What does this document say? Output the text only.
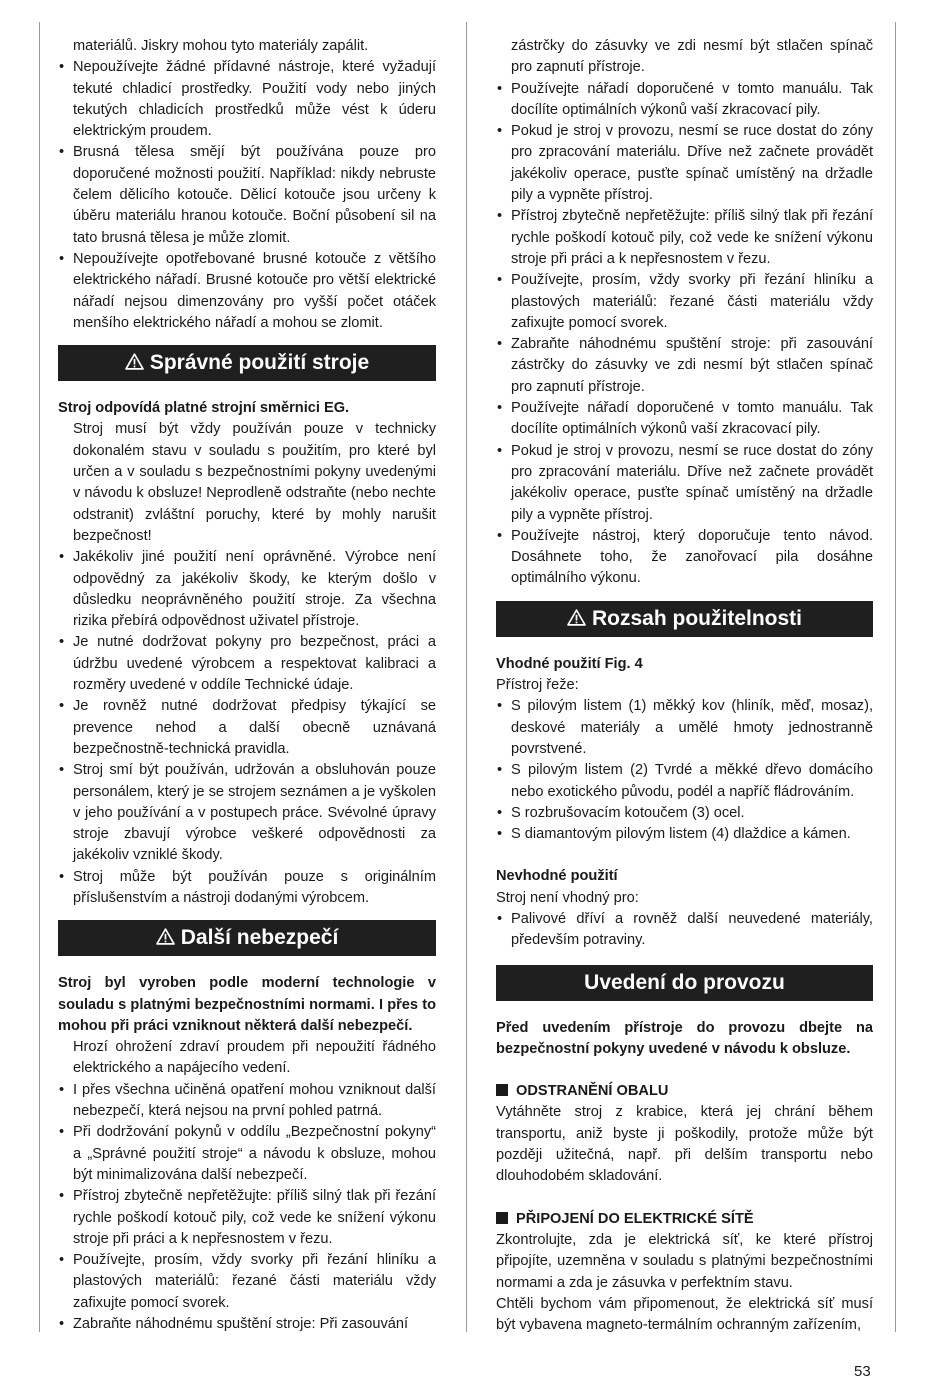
materiálů. Jiskry mohou tyto materiály zapálit.
• Nepoužívejte žádné přídavné nástroje, které vyžadují tekuté chladicí prostředky. Použití vody nebo jiných tekutých chladicích prostředků může vést k úderu elektrickým proudem.
• Brusná tělesa smějí být používána pouze pro doporučené možnosti použití. Například: nikdy nebruste čelem dělicího kotouče. Dělicí kotouče jsou určeny k úběru materiálu hranou kotouče. Boční působení sil na tato brusná tělesa je může zlomit.
• Nepoužívejte opotřebované brusné kotouče z většího elektrického nářadí. Brusné kotouče pro větší elektrické nářadí nejsou dimenzovány pro vyšší počet otáček menšího elektrického nářadí a mohou se zlomit.
Správné použití stroje

Stroj odpovídá platné strojní směrnici EG.

Stroj musí být vždy používán pouze v technicky dokonalém stavu v souladu s použitím, pro které byl určen a v souladu s bezpečnostními pokyny uvedenými v návodu k obsluze! Neprodleně odstraňte (nebo nechte odstranit) zvláštní poruchy, které by mohly narušit bezpečnost!
• Jakékoliv jiné použití není oprávněné. Výrobce není odpovědný za jakékoliv škody, ke kterým došlo v důsledku neoprávněného použití stroje. Za všechna rizika přebírá odpovědnost uživatel přístroje.
• Je nutné dodržovat pokyny pro bezpečnost, práci a údržbu uvedené výrobcem a respektovat kalibraci a rozměry uvedené v oddíle Technické údaje.
• Je rovněž nutné dodržovat předpisy týkající se prevence nehod a další obecně uznávaná bezpečnostně-technická pravidla.
• Stroj smí být používán, udržován a obsluhován pouze personálem, který je se strojem seznámen a je vyškolen v jeho používání a v postupech práce. Svévolné úpravy stroje zbavují výrobce veškeré odpovědnosti za jakékoliv vzniklé škody.
• Stroj může být používán pouze s originálním příslušenstvím a nástroji dodanými výrobcem.
Další nebezpečí

Stroj byl vyroben podle moderní technologie v souladu s platnými bezpečnostními normami. I přes to mohou při práci vzniknout některá další nebezpečí.

Hrozí ohrožení zdraví proudem při nepoužití řádného elektrického a napájecího vedení.
• I přes všechna učiněná opatření mohou vzniknout další nebezpečí, která nejsou na první pohled patrná.
• Při dodržování pokynů v oddílu „Bezpečnostní pokyny“ a „Správné použití stroje“ a návodu k obsluze, mohou být minimalizována další nebezpečí.
• Přístroj zbytečně nepřetěžujte: příliš silný tlak při řezání rychle poškodí kotouč pily, což vede ke snížení výkonu stroje při práci a k nepřesnostem v řezu.
• Používejte, prosím, vždy svorky při řezání hliníku a plastových materiálů: řezané části materiálu vždy zafixujte pomocí svorek.
• Zabraňte náhodnému spuštění stroje: Při zasouvání

zástrčky do zásuvky ve zdi nesmí být stlačen spínač pro zapnutí přístroje.

• Používejte nářadí doporučené v tomto manuálu. Tak docílíte optimálních výkonů vaší zkracovací pily.
• Pokud je stroj v provozu, nesmí se ruce dostat do zóny pro zpracování materiálu. Dříve než začnete provádět jakékoliv operace, pusťte spínač umístěný na držadle pily a vypněte přístroj.
• Přístroj zbytečně nepřetěžujte: příliš silný tlak při řezání rychle poškodí kotouč pily, což vede ke snížení výkonu stroje při práci a k nepřesnostem v řezu.
• Používejte, prosím, vždy svorky při řezání hliníku a plastových materiálů: řezané části materiálu vždy zafixujte pomocí svorek.
• Zabraňte náhodnému spuštění stroje: při zasouvání zástrčky do zásuvky ve zdi nesmí být stlačen spínač pro zapnutí přístroje.
• Používejte nářadí doporučené v tomto manuálu. Tak docílíte optimálních výkonů vaší zkracovací pily.
• Pokud je stroj v provozu, nesmí se ruce dostat do zóny pro zpracování materiálu. Dříve než začnete provádět jakékoliv operace, pusťte spínač umístěný na držadle pily a vypněte přístroj.
• Používejte nástroj, který doporučuje tento návod. Dosáhnete toho, že zanořovací pila dosáhne optimálního výkonu.
Rozsah použitelnosti

Vhodné použití Fig. 4

Přístroj řeže:

• S pilovým listem (1) měkký kov (hliník, měď, mosaz), deskové materiály a umělé hmoty jednostranně povrstvené.
• S pilovým listem (2) Tvrdé a měkké dřevo domácího nebo exotického původu, podél a napříč fládrováním.
• S rozbrušovacím kotoučem (3) ocel.
• S diamantovým pilovým listem (4) dlaždice a kámen.

Nevhodné použití

Stroj není vhodný pro:

• Palivové dříví a rovněž další neuvedené materiály, především potraviny.
Uvedení do provozu

Před uvedením přístroje do provozu dbejte na bezpečnostní pokyny uvedené v návodu k obsluze.

ODSTRANĚNÍ OBALU

Vytáhněte stroj z krabice, která jej chrání během transportu, aniž byste ji poškodily, protože může být později užitečná, např. při delším transportu nebo dlouhodobém skladování.

PŘIPOJENÍ DO ELEKTRICKÉ SÍTĚ

Zkontrolujte, zda je elektrická síť, ke které přístroj připojíte, uzemněna v souladu s platnými bezpečnostními normami a zda je zásuvka v perfektním stavu.

Chtěli bychom vám připomenout, že elektrická síť musí být vybavena magneto-termálním ochranným zařízením,

53
